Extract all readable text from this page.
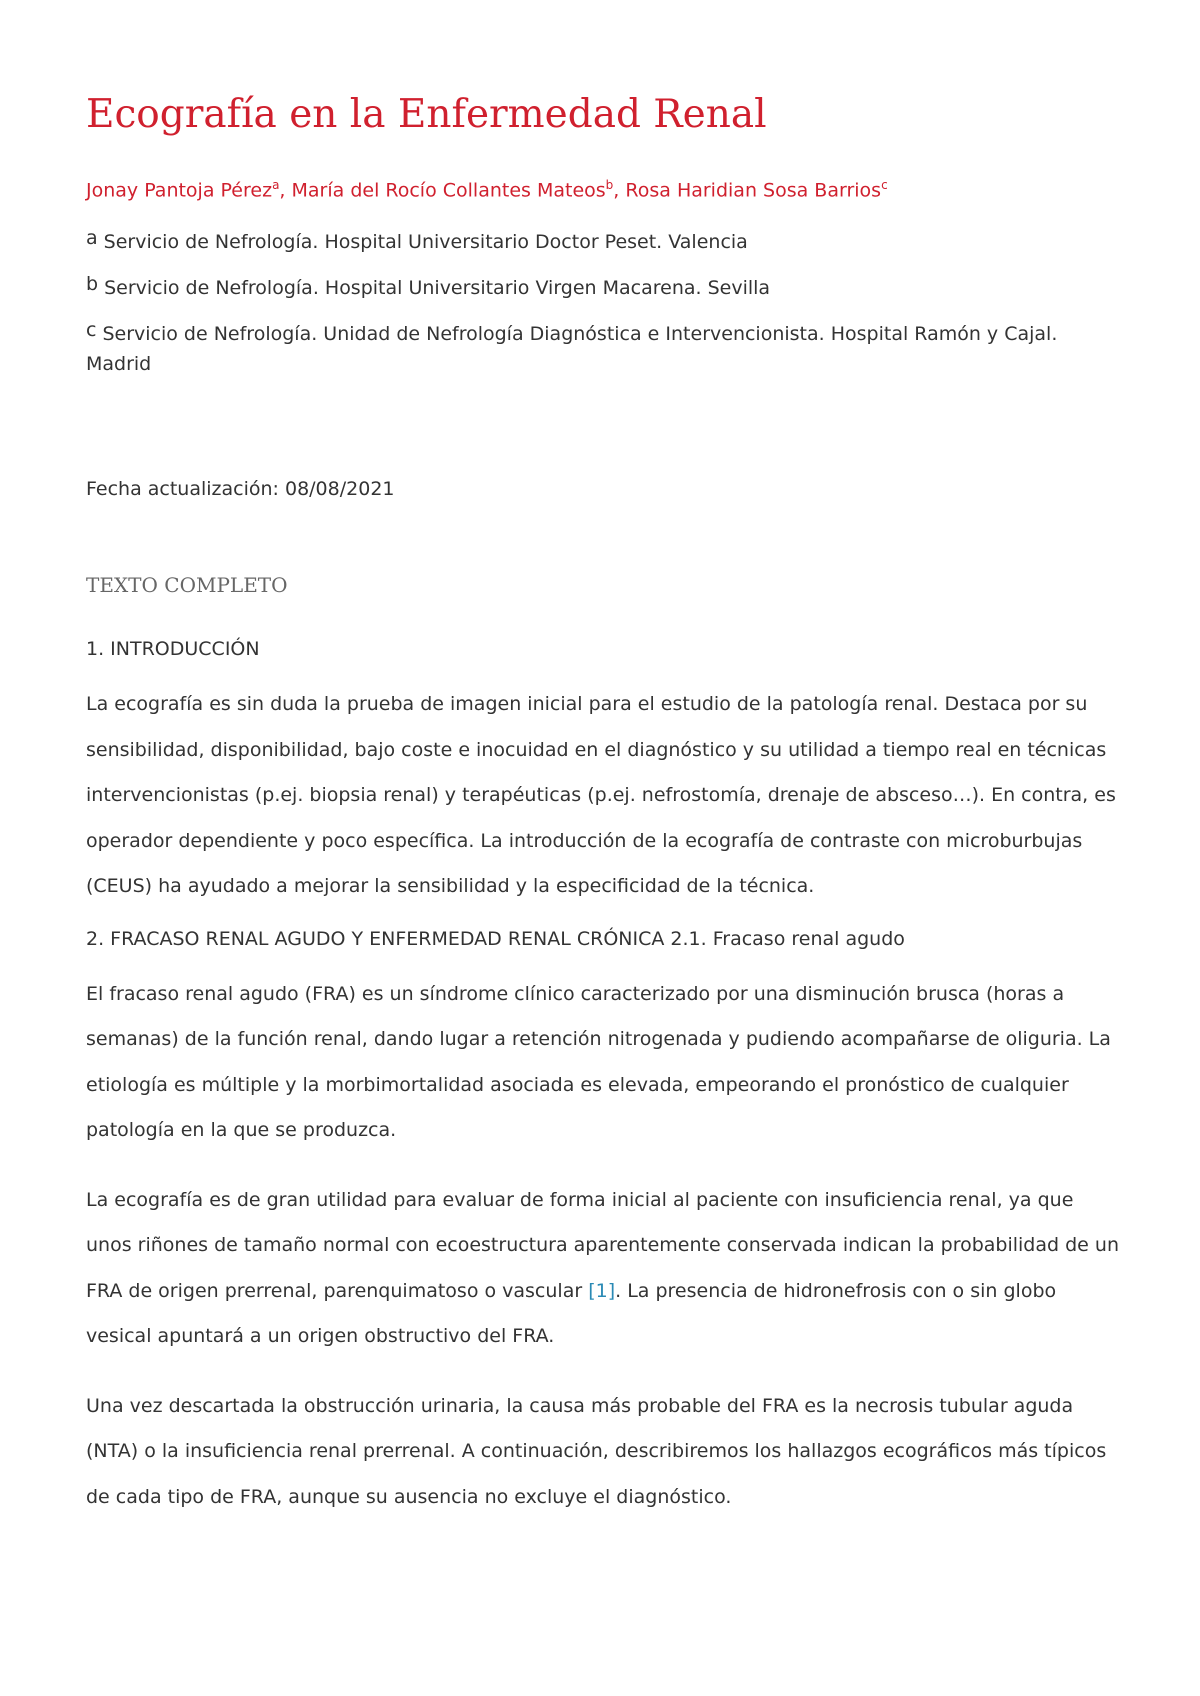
Ecografía en la Enfermedad Renal
Jonay Pantoja Pérez$^a$, María del Rocío Collantes Mateos$^b$, Rosa Haridian Sosa Barrios$^c$
a Servicio de Nefrología. Hospital Universitario Doctor Peset. Valencia
b Servicio de Nefrología. Hospital Universitario Virgen Macarena. Sevilla
c Servicio de Nefrología. Unidad de Nefrología Diagnóstica e Intervencionista. Hospital Ramón y Cajal. Madrid
Fecha actualización: 08/08/2021
TEXTO COMPLETO
1. INTRODUCCIÓN

La ecografía es sin duda la prueba de imagen inicial para el estudio de la patología renal. Destaca por su sensibilidad, disponibilidad, bajo coste e inocuidad en el diagnóstico y su utilidad a tiempo real en técnicas intervencionistas (p.ej. biopsia renal) y terapéuticas (p.ej. nefrostomía, drenaje de absceso…). En contra, es operador dependiente y poco específica. La introducción de la ecografía de contraste con microburbujas (CEUS) ha ayudado a mejorar la sensibilidad y la especificidad de la técnica.

2. FRACASO RENAL AGUDO Y ENFERMEDAD RENAL CRÓNICA 2.1. Fracaso renal agudo

El fracaso renal agudo (FRA) es un síndrome clínico caracterizado por una disminución brusca (horas a semanas) de la función renal, dando lugar a retención nitrogenada y pudiendo acompañarse de oliguria. La etiología es múltiple y la morbimortalidad asociada es elevada, empeorando el pronóstico de cualquier patología en la que se produzca.

La ecografía es de gran utilidad para evaluar de forma inicial al paciente con insuficiencia renal, ya que unos riñones de tamaño normal con ecoestructura aparentemente conservada indican la probabilidad de un FRA de origen prerrenal, parenquimatoso o vascular [1]. La presencia de hidronefrosis con o sin globo vesical apuntará a un origen obstructivo del FRA.

Una vez descartada la obstrucción urinaria, la causa más probable del FRA es la necrosis tubular aguda (NTA) o la insuficiencia renal prerrenal. A continuación, describiremos los hallazgos ecográficos más típicos de cada tipo de FRA, aunque su ausencia no excluye el diagnóstico.
